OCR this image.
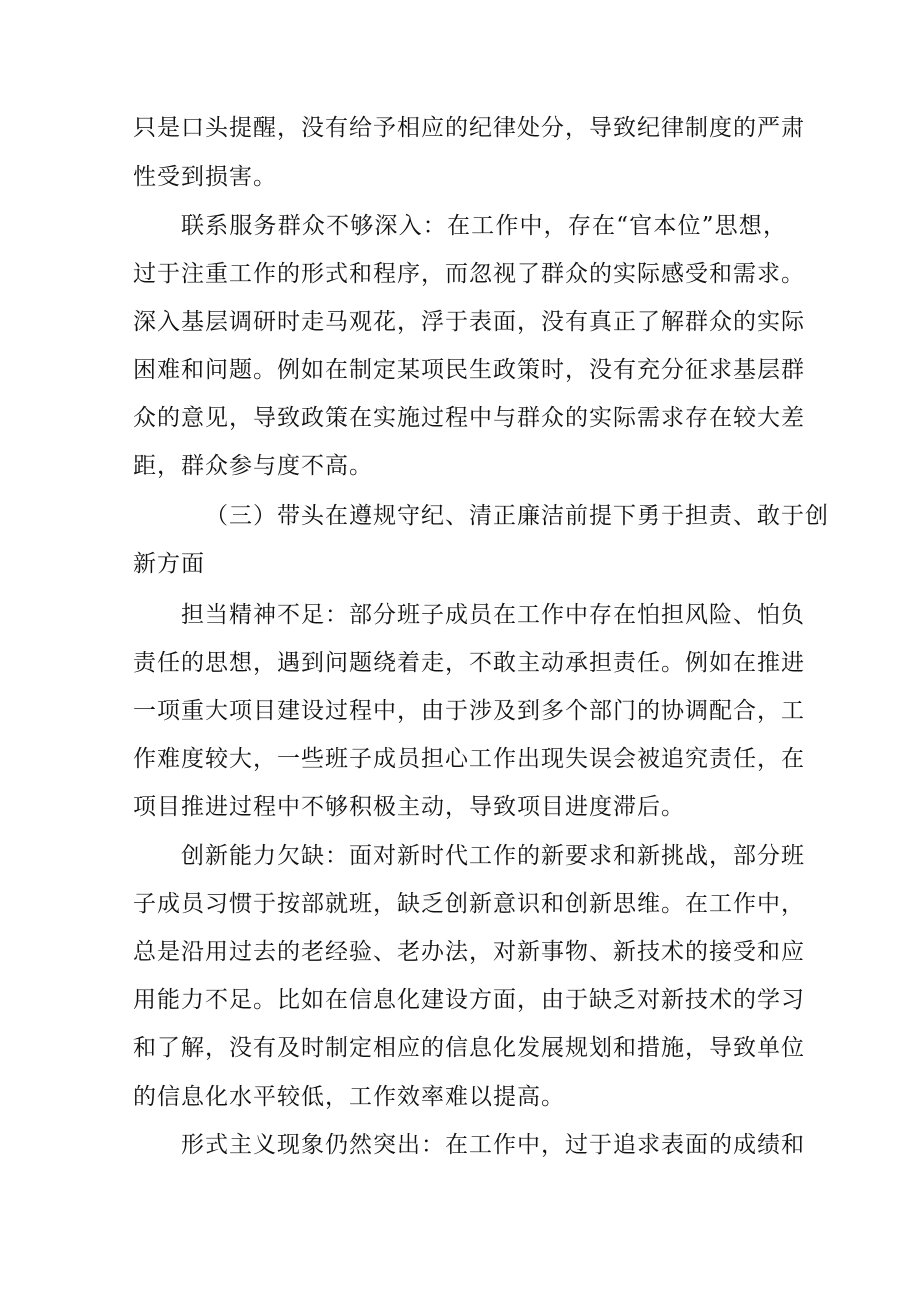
只是口头提醒，没有给予相应的纪律处分，导致纪律制度的严肃

性受到损害。

联系服务群众不够深入：在工作中，存在“官本位”思想，

过于注重工作的形式和程序，而忽视了群众的实际感受和需求。

深入基层调研时走马观花，浮于表面，没有真正了解群众的实际

困难和问题。例如在制定某项民生政策时，没有充分征求基层群

众的意见，导致政策在实施过程中与群众的实际需求存在较大差

距，群众参与度不高。

（三）带头在遵规守纪、清正廉洁前提下勇于担责、敢于创

新方面

担当精神不足：部分班子成员在工作中存在怕担风险、怕负

责任的思想，遇到问题绕着走，不敢主动承担责任。例如在推进

一项重大项目建设过程中，由于涉及到多个部门的协调配合，工

作难度较大，一些班子成员担心工作出现失误会被追究责任，在

项目推进过程中不够积极主动，导致项目进度滞后。

创新能力欠缺：面对新时代工作的新要求和新挑战，部分班

子成员习惯于按部就班，缺乏创新意识和创新思维。在工作中，

总是沿用过去的老经验、老办法，对新事物、新技术的接受和应

用能力不足。比如在信息化建设方面，由于缺乏对新技术的学习

和了解，没有及时制定相应的信息化发展规划和措施，导致单位

的信息化水平较低，工作效率难以提高。

形式主义现象仍然突出：在工作中，过于追求表面的成绩和
